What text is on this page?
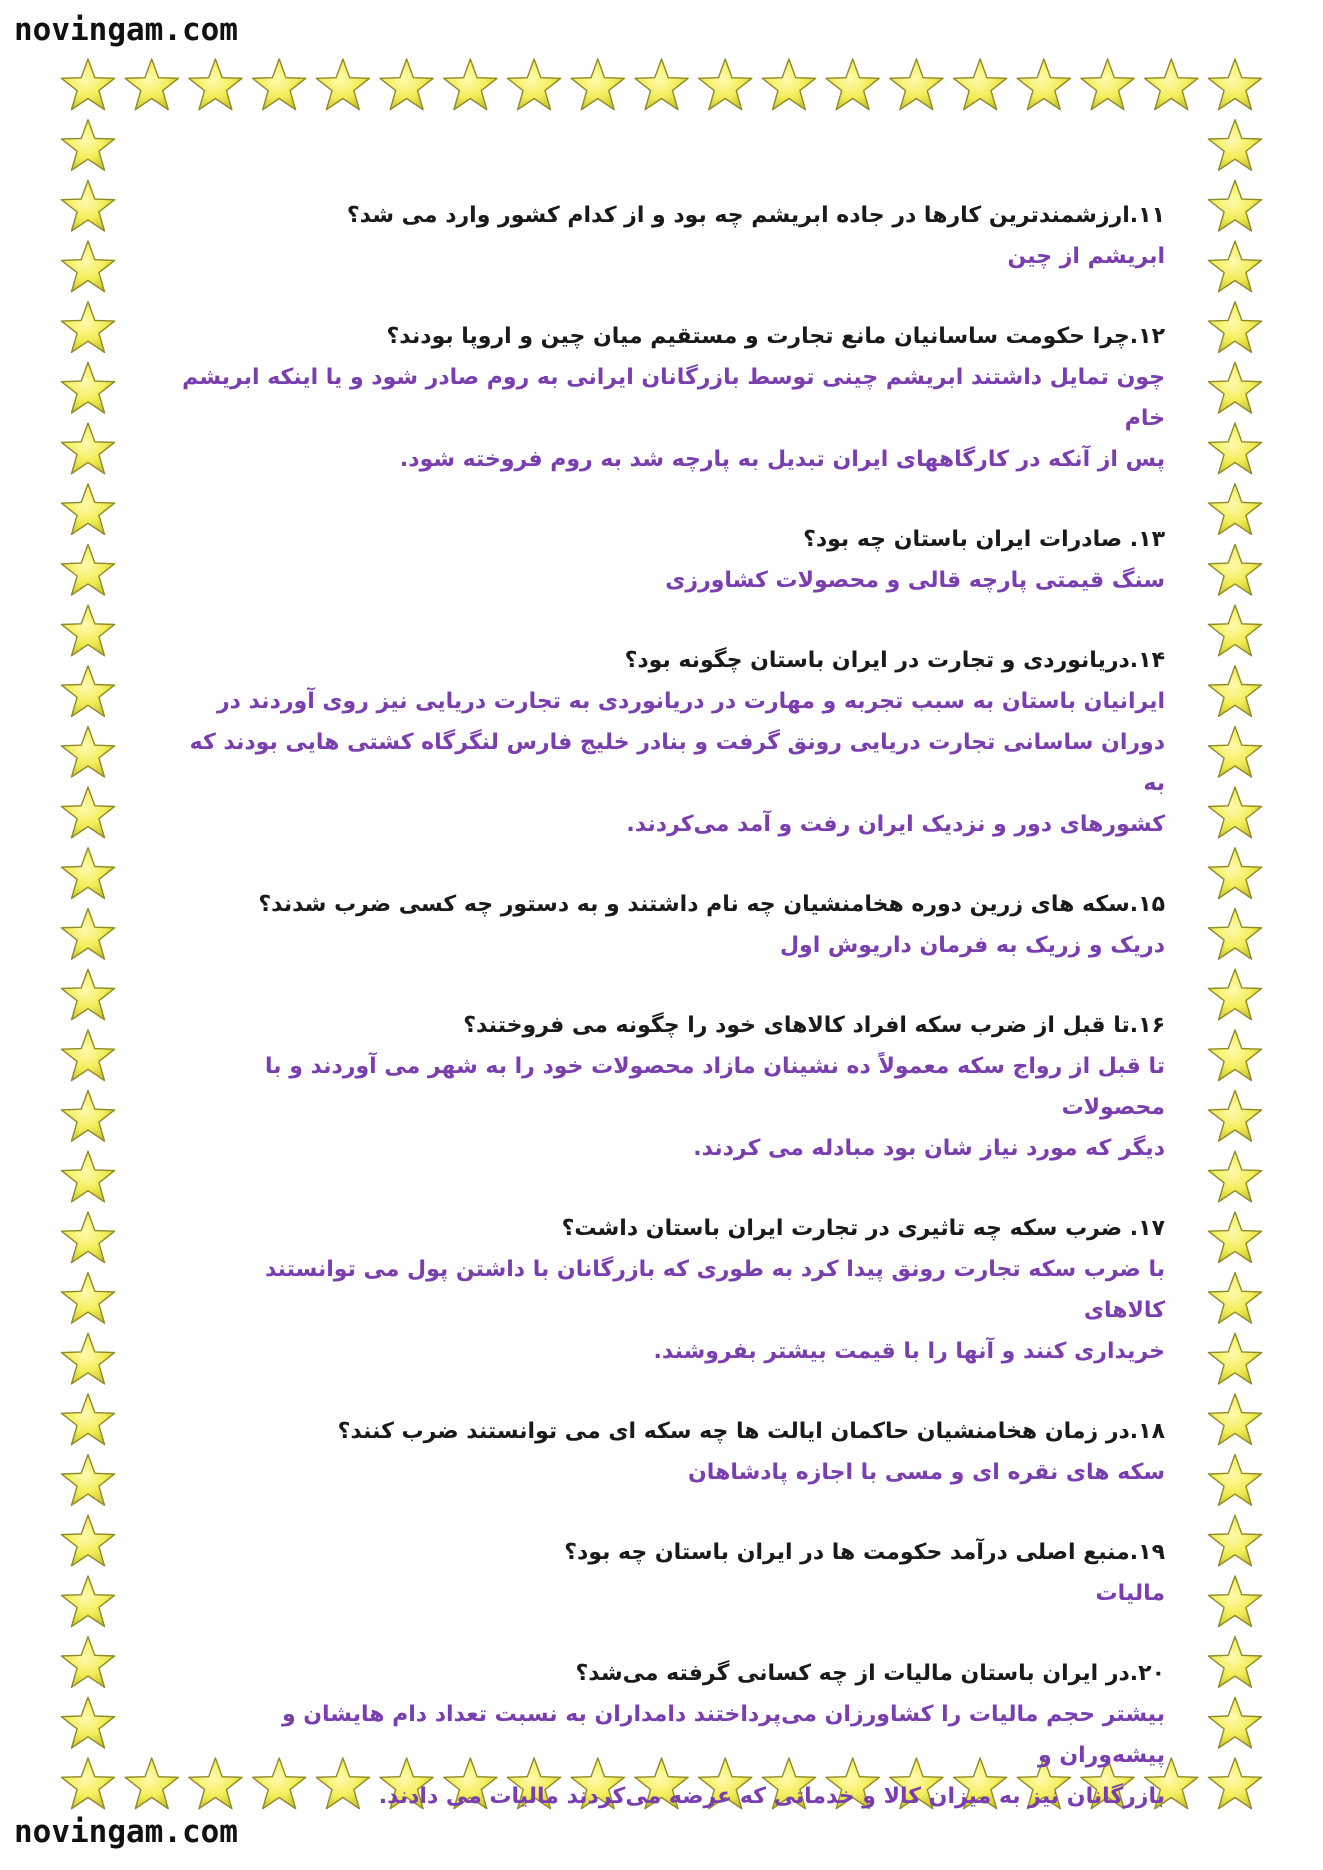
novingam.com

۱۱.ارزشمندترین کارها در جاده ابریشم چه بود و از کدام کشور وارد می شد؟

ابریشم از چین

۱۲.چرا حکومت ساسانیان مانع تجارت و مستقیم میان چین و اروپا بودند؟

چون تمایل داشتند ابریشم چینی توسط بازرگانان ایرانی به روم صادر شود و یا اینکه ابریشم خام

پس از آنکه در کارگاههای ایران تبدیل به پارچه شد به روم فروخته شود.

۱۳. صادرات ایران باستان چه بود؟

سنگ قیمتی پارچه قالی و محصولات کشاورزی

۱۴.دریانوردی و تجارت در ایران باستان چگونه بود؟

ایرانیان باستان به سبب تجربه و مهارت در دریانوردی به تجارت دریایی نیز روی آوردند در

دوران ساسانی تجارت دریایی رونق گرفت و بنادر خلیج فارس لنگرگاه کشتی هایی بودند که به

کشورهای دور و نزدیک ایران رفت و آمد می‌کردند.

۱۵.سکه های زرین دوره هخامنشیان چه نام داشتند و به دستور چه کسی ضرب شدند؟

دریک و زریک به فرمان داریوش اول

۱۶.تا قبل از ضرب سکه افراد کالاهای خود را چگونه می فروختند؟

تا قبل از رواج سکه معمولاً ده نشینان مازاد محصولات خود را به شهر می آوردند و با محصولات

دیگر که مورد نیاز شان بود مبادله می کردند.

۱۷. ضرب سکه چه تاثیری در تجارت ایران باستان داشت؟

با ضرب سکه تجارت رونق پیدا کرد به طوری که بازرگانان با داشتن پول می توانستند کالاهای

خریداری کنند و آنها را با قیمت بیشتر بفروشند.

۱۸.در زمان هخامنشیان حاکمان ایالت ها چه سکه ای می توانستند ضرب کنند؟

سکه های نقره ای و مسی با اجازه پادشاهان

۱۹.منبع اصلی درآمد حکومت ها در ایران باستان چه بود؟

مالیات

۲۰.در ایران باستان مالیات از چه کسانی گرفته می‌شد؟

بیشتر حجم مالیات را کشاورزان می‌پرداختند دامداران به نسبت تعداد دام هایشان و پیشه‌وران و

بازرگانان نیز به میزان کالا و خدماتی که عرضه می‌کردند مالیات می دادند.

novingam.com
